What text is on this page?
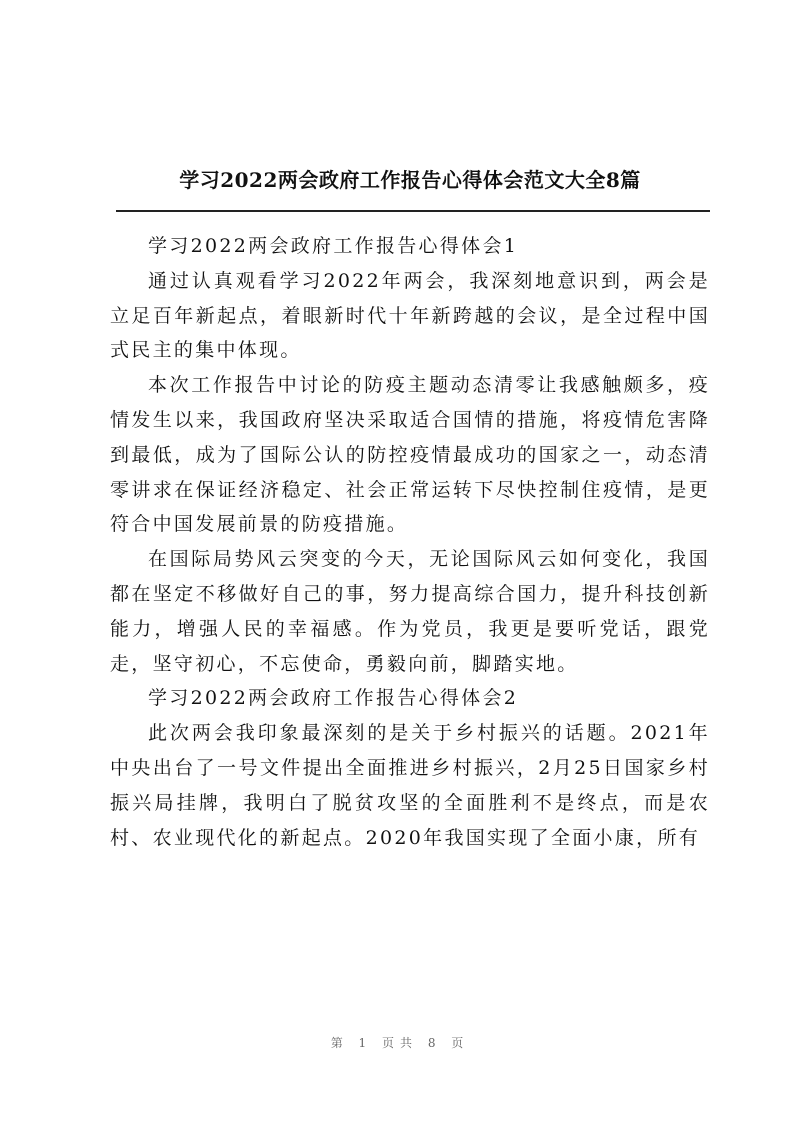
学习2022两会政府工作报告心得体会范文大全8篇

学习2022两会政府工作报告心得体会1

通过认真观看学习2022年两会，我深刻地意识到，两会是立足百年新起点，着眼新时代十年新跨越的会议，是全过程中国式民主的集中体现。

本次工作报告中讨论的防疫主题动态清零让我感触颇多，疫情发生以来，我国政府坚决采取适合国情的措施，将疫情危害降到最低，成为了国际公认的防控疫情最成功的国家之一，动态清零讲求在保证经济稳定、社会正常运转下尽快控制住疫情，是更符合中国发展前景的防疫措施。

在国际局势风云突变的今天，无论国际风云如何变化，我国都在坚定不移做好自己的事，努力提高综合国力，提升科技创新能力，增强人民的幸福感。作为党员，我更是要听党话，跟党走，坚守初心，不忘使命，勇毅向前，脚踏实地。

学习2022两会政府工作报告心得体会2

此次两会我印象最深刻的是关于乡村振兴的话题。2021年中央出台了一号文件提出全面推进乡村振兴，2月25日国家乡村振兴局挂牌，我明白了脱贫攻坚的全面胜利不是终点，而是农村、农业现代化的新起点。2020年我国实现了全面小康，所有

第 1 页共 8 页
